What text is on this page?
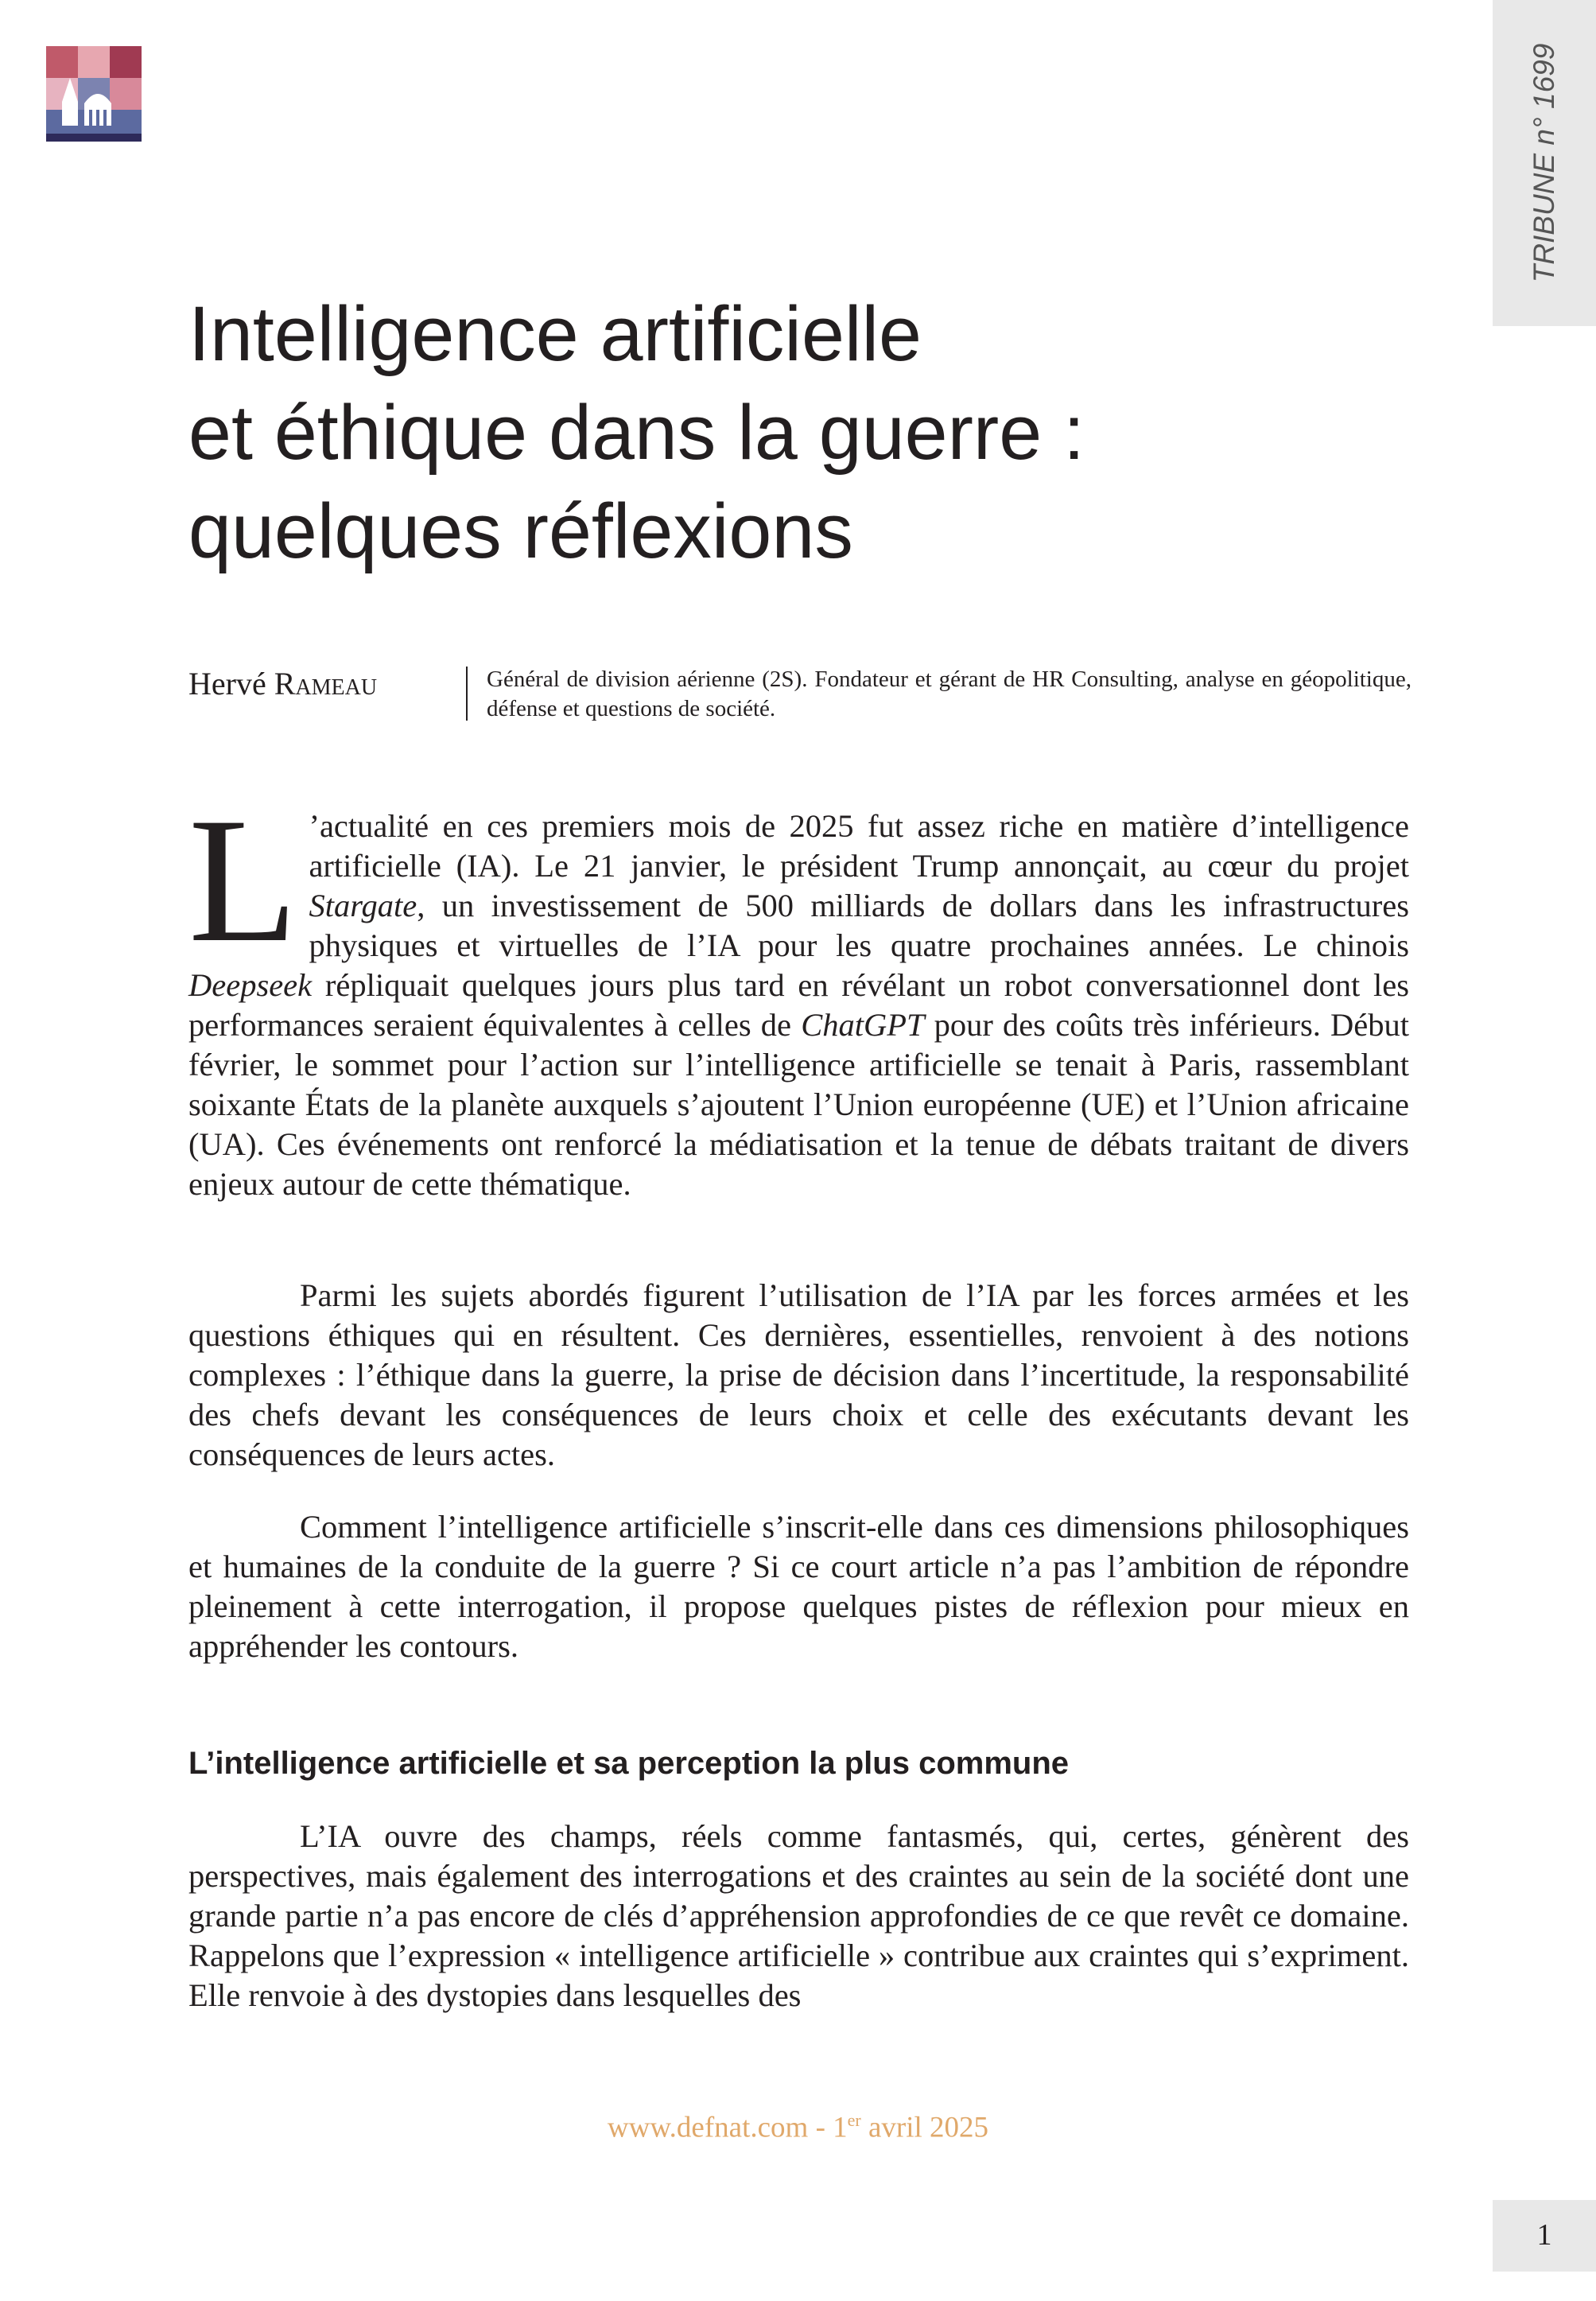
TRIBUNE n° 1699
Intelligence artificielle
et éthique dans la guerre :
quelques réflexions
Hervé Rameau	Général de division aérienne (2S). Fondateur et gérant de HR Consulting, analyse en géopolitique, défense et questions de société.

L ’actualité en ces premiers mois de 2025 fut assez riche en matière d’intelligence artificielle (IA). Le 21 janvier, le président Trump annonçait, au cœur du projet Stargate, un investissement de 500 milliards de dollars dans les infrastructures physiques et virtuelles de l’IA pour les quatre prochaines années. Le chinois Deepseek répliquait quelques jours plus tard en révélant un robot conversationnel dont les performances seraient équivalentes à celles de ChatGPT pour des coûts très inférieurs. Début février, le sommet pour l’action sur l’intelligence artificielle se tenait à Paris, rassemblant soixante États de la planète auxquels s’ajoutent l’Union européenne (UE) et l’Union africaine (UA). Ces événements ont renforcé la médiatisation et la tenue de débats traitant de divers enjeux autour de cette thématique.

Parmi les sujets abordés figurent l’utilisation de l’IA par les forces armées et les questions éthiques qui en résultent. Ces dernières, essentielles, renvoient à des notions complexes : l’éthique dans la guerre, la prise de décision dans l’incertitude, la responsabilité des chefs devant les conséquences de leurs choix et celle des exécutants devant les conséquences de leurs actes.

Comment l’intelligence artificielle s’inscrit-elle dans ces dimensions philosophiques et humaines de la conduite de la guerre ? Si ce court article n’a pas l’ambition de répondre pleinement à cette interrogation, il propose quelques pistes de réflexion pour mieux en appréhender les contours.

L’intelligence artificielle et sa perception la plus commune

L’IA ouvre des champs, réels comme fantasmés, qui, certes, génèrent des perspectives, mais également des interrogations et des craintes au sein de la société dont une grande partie n’a pas encore de clés d’appréhension approfondies de ce que revêt ce domaine. Rappelons que l’expression « intelligence artificielle » contribue aux craintes qui s’expriment. Elle renvoie à des dystopies dans lesquelles des

www.defnat.com - 1er avril 2025
1
